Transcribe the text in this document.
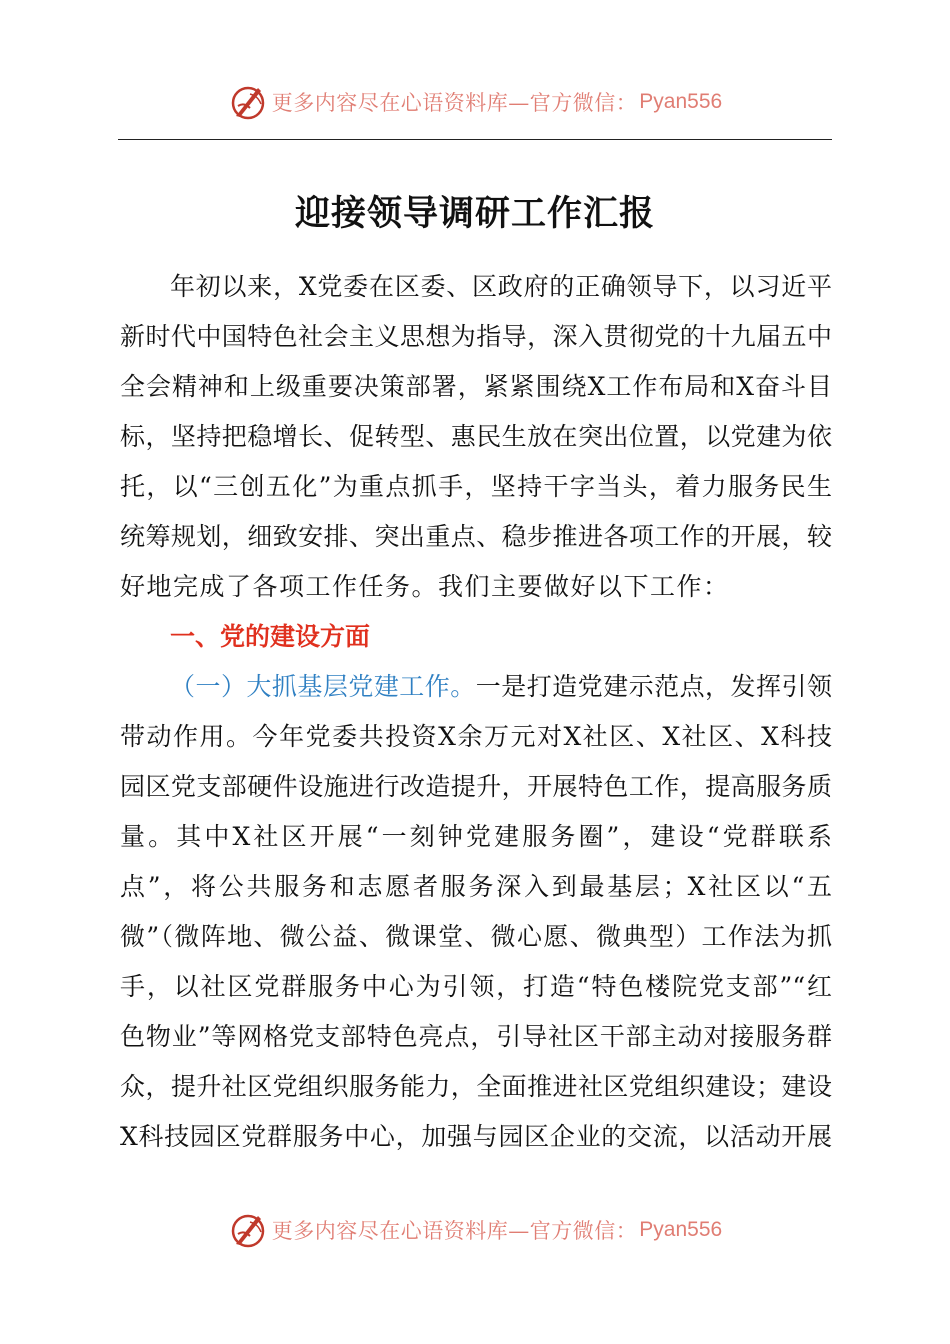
更多内容尽在心语资料库—官方微信： Pyan556
迎接领导调研工作汇报
年初以来，X党委在区委、区政府的正确领导下，以习近平
新时代中国特色社会主义思想为指导，深入贯彻党的十九届五中
全会精神和上级重要决策部署，紧紧围绕X工作布局和X奋斗目
标，坚持把稳增长、促转型、惠民生放在突出位置，以党建为依
托，以“三创五化”为重点抓手，坚持干字当头，着力服务民生
统筹规划，细致安排、突出重点、稳步推进各项工作的开展，较
好地完成了各项工作任务。我们主要做好以下工作：
一、党的建设方面
（一）大抓基层党建工作。一是打造党建示范点，发挥引领
带动作用。今年党委共投资X余万元对X社区、X社区、X科技
园区党支部硬件设施进行改造提升，开展特色工作，提高服务质
量。其中X社区开展“一刻钟党建服务圈”，建设“党群联系
点”，将公共服务和志愿者服务深入到最基层；X社区以“五
微”（微阵地、微公益、微课堂、微心愿、微典型）工作法为抓
手，以社区党群服务中心为引领，打造“特色楼院党支部”“红
色物业”等网格党支部特色亮点，引导社区干部主动对接服务群
众，提升社区党组织服务能力，全面推进社区党组织建设；建设
X科技园区党群服务中心，加强与园区企业的交流，以活动开展
更多内容尽在心语资料库—官方微信： Pyan556
